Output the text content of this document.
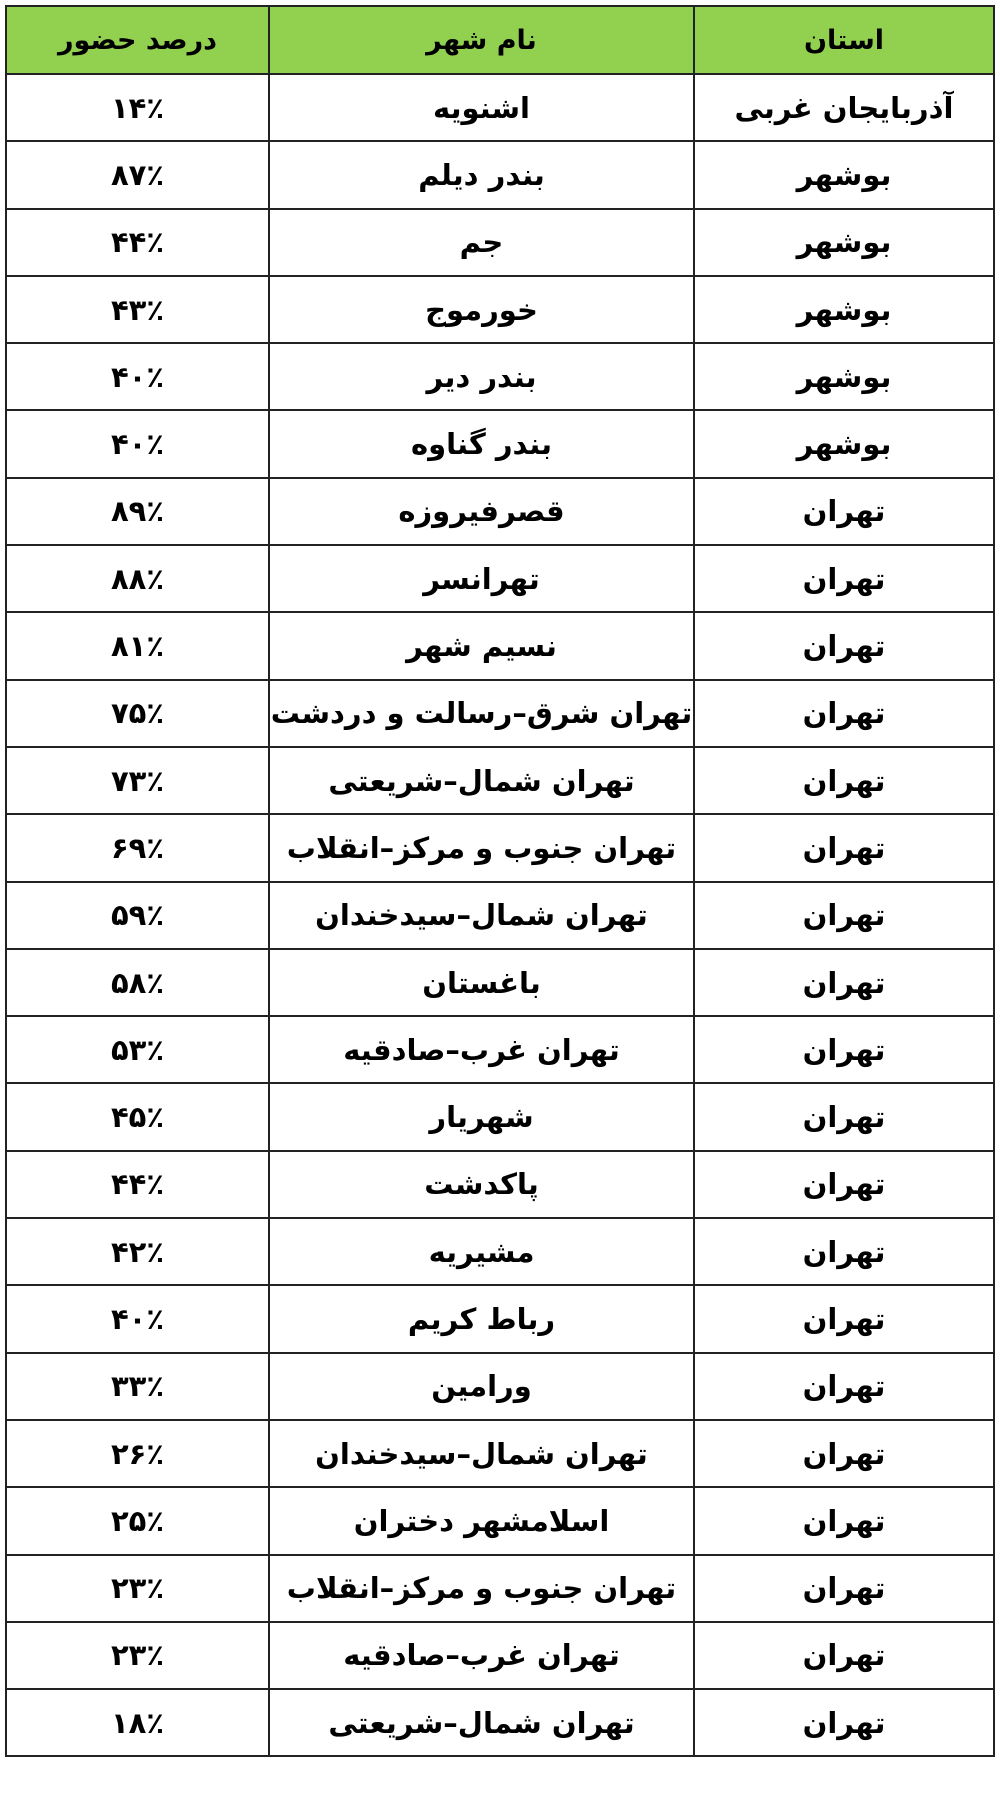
استان	نام شهر	درصد حضور
آذربایجان غربی	اشنویه	۱۴٪
بوشهر	بندر دیلم	۸۷٪
بوشهر	جم	۴۴٪
بوشهر	خورموج	۴۳٪
بوشهر	بندر دیر	۴۰٪
بوشهر	بندر گناوه	۴۰٪
تهران	قصرفیروزه	۸۹٪
تهران	تهرانسر	۸۸٪
تهران	نسیم شهر	۸۱٪
تهران	تهران شرق–رسالت و دردشت	۷۵٪
تهران	تهران شمال–شریعتی	۷۳٪
تهران	تهران جنوب و مرکز–انقلاب	۶۹٪
تهران	تهران شمال–سیدخندان	۵۹٪
تهران	باغستان	۵۸٪
تهران	تهران غرب–صادقیه	۵۳٪
تهران	شهریار	۴۵٪
تهران	پاکدشت	۴۴٪
تهران	مشیریه	۴۲٪
تهران	رباط کریم	۴۰٪
تهران	ورامین	۳۳٪
تهران	تهران شمال–سیدخندان	۲۶٪
تهران	اسلامشهر دختران	۲۵٪
تهران	تهران جنوب و مرکز–انقلاب	۲۳٪
تهران	تهران غرب–صادقیه	۲۳٪
تهران	تهران شمال–شریعتی	۱۸٪
